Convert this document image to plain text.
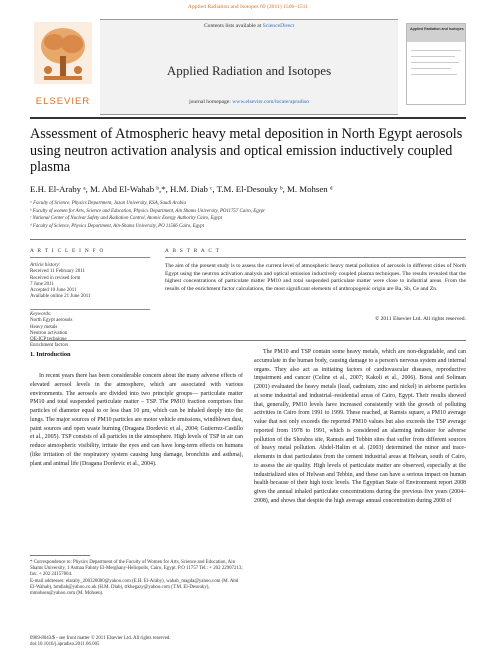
Applied Radiation and Isotopes 69 (2011) 1506–1511
Contents lists available at ScienceDirect
Applied Radiation and Isotopes
journal homepage: www.elsevier.com/locate/apradiso
ELSEVIER
Applied Radiation and Isotopes
Assessment of Atmospheric heavy metal deposition in North Egypt aerosols using neutron activation analysis and optical emission inductively coupled plasma
E.H. El-Araby ᵃ, M. Abd El-Wahab ᵇ,*, H.M. Diab ᶜ, T.M. El-Desouky ᵇ, M. Mohsen ᵈ
ᵃ Faculty of Science, Physics Department, Jazan University, KSA, Saudi Arabia
ᵇ Faculty of women for Arts, Science and Education, Physics Department, Ain Shams University, PO11757 Cairo, Egypt
ᶜ National Center of Nuclear Safety and Radiation Control, Atomic Energy Authority Cairo, Egypt
ᵈ Faculty of Science, Physics Department, Ain-Shams University, PO 11566 Cairo, Egypt
A R T I C L E I N F O	A B S T R A C T
Article history:
Received 11 February 2011
Received in revised form
7 June 2011
Accepted 10 June 2011
Available online 21 June 2011
Keywords:
North Egypt aerosols
Heavy metals
Neutron activation
Enrichment factors
The aim of the present study is to assess the current level of atmospheric heavy metal pollution of aerosols in different cities of North Egypt using the neutron activation analysis and optical emission inductively coupled plasma techniques. The results revealed that the highest concentrations of particulate matter PM10 and total suspended particulate matter were close to industrial areas. From the results of the enrichment factor calculations, the most significant elements of anthropogenic origin are Ba, Sb, Ce and Zn.
© 2011 Elsevier Ltd. All rights reserved.
1. Introduction

In recent years there has been considerable concern about the many adverse effects of elevated aerosol levels in the atmosphere, which are associated with various environments. The aerosols are divided into two principle groups— particulate matter PM10 and total suspended particulate matter – TSP. The PM10 fraction comprises fine particles of diameter equal to or less than 10 µm, which can be inhaled deeply into the lungs. The major sources of PM10 particles are motor vehicle emissions, windblown dust, paint sources and open waste burning (Dragana Dordevic et al., 2004; Gutierrez-Castillo et al., 2005). TSP consists of all particles in the atmosphere. High levels of TSP in air can reduce atmospheric visibility, irritate the eyes and can have long-term effects on humans (like irritation of the respiratory system causing lung damage, bronchitis and asthma), plant and animal life (Dragana Dordevic et al., 2004).

The PM10 and TSP contain some heavy metals, which are non-degradable, and can accumulate in the human body, causing damage to a person's nervous system and internal organs. They also act as initiating factors of cardiovascular diseases, reproductive impairment and cancer (Celine et al., 2007; Kakoli et al., 2006). Borai and Soliman (2001) evaluated the heavy metals (lead, cadmium, zinc and nickel) in airborne particles at some industrial and industrial–residential areas of Cairo, Egypt. Their results showed that, generally, PM10 levels have increased consistently with the growth of polluting activities in Cairo from 1991 to 1999. These reached, at Ramsis square, a PM10 average value that not only exceeds the reported PM10 values but also exceeds the TSP average reported from 1978 to 1991, which is considered an alarming indicator for adverse pollution of the Shoubra site, Ramsis and Tebbin sites that suffer from different sources of heavy metal pollution. Abdel-Halim et al. (2003) determined the minor and trace-elements in dust particulates from the cement industrial areas at Helwan, south of Cairo, to assess the air quality. High levels of particulate matter are observed, especially at the industrialized sites of Helwan and Tebbin, and these can have a serious impact on human health because of their high toxic levels. The Egyptian State of Environment report 2008 gives the annual inhaled particulate concentrations during the previous five years (2004–2008), and shows that despite the high average annual concentration during 2008 of

* Correspondence to: Physics Department of the Faculty of Women for Arts, Science and Education, Ain Shams University, 1 Asmaa Fahmy El-Merghany-Heliopolis, Cairo, Egypt. P.O 11757 Tel.: + 202 22907213; fax: + 202 24157804.

E-mail addresses: elaraby_200320000@yahoo.com (E.H. El-Araby), wahab_magda@yahoo.com (M. Abd El-Wahab), hmdiab@yahoo.co.uk (H.M. Diab), trkhegazy@yahoo.com (T.M. El-Desouky), mmohsen@yahoo.com (M. Mohsen).

0969-8043/$ - see front matter © 2011 Elsevier Ltd. All rights reserved.
doi:10.1016/j.apradiso.2011.06.005
